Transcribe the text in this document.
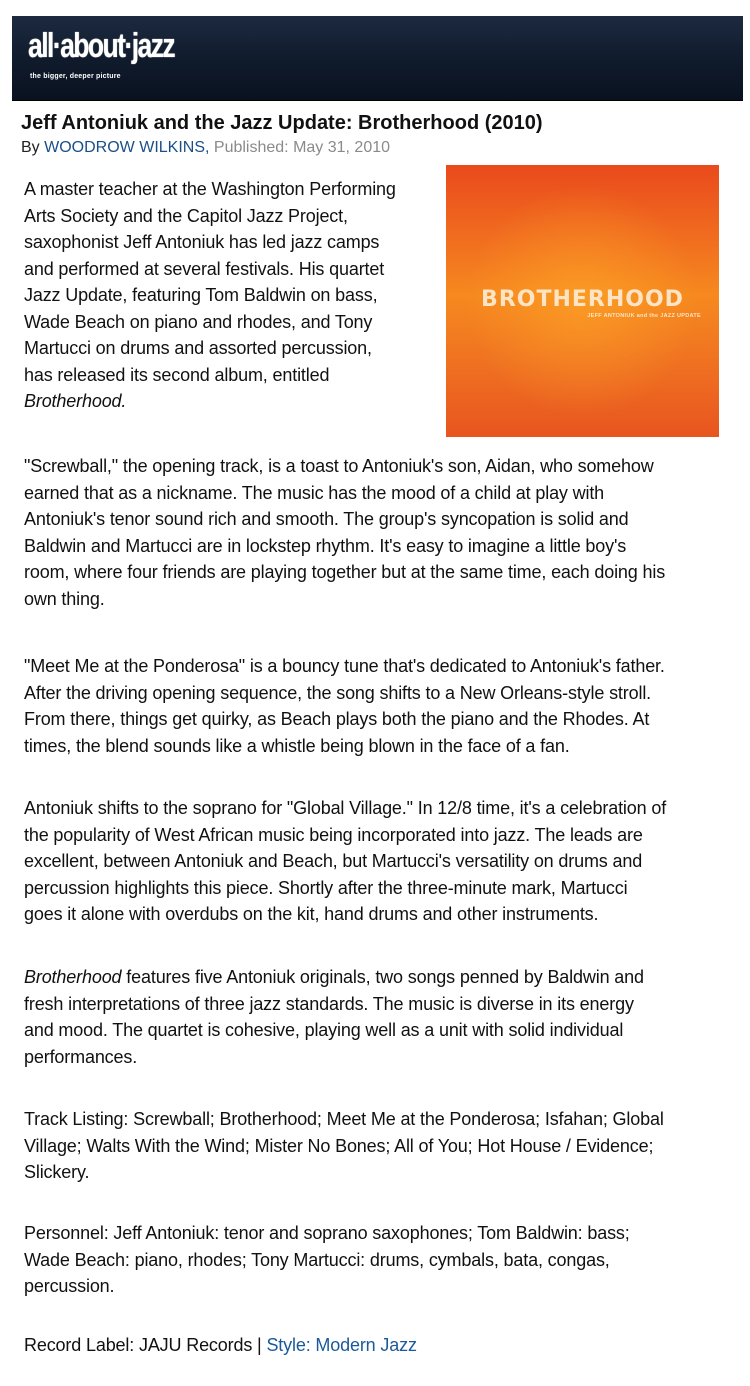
all·about·jazz
the bigger, deeper picture
Jeff Antoniuk and the Jazz Update: Brotherhood (2010)
By WOODROW WILKINS, Published: May 31, 2010
BROTHERHOOD
JEFF ANTONIUK and the JAZZ UPDATE

A master teacher at the Washington Performing
Arts Society and the Capitol Jazz Project,
saxophonist Jeff Antoniuk has led jazz camps
and performed at several festivals. His quartet
Jazz Update, featuring Tom Baldwin on bass,
Wade Beach on piano and rhodes, and Tony
Martucci on drums and assorted percussion,
has released its second album, entitled
Brotherhood.

"Screwball," the opening track, is a toast to Antoniuk's son, Aidan, who somehow
earned that as a nickname. The music has the mood of a child at play with
Antoniuk's tenor sound rich and smooth. The group's syncopation is solid and
Baldwin and Martucci are in lockstep rhythm. It's easy to imagine a little boy's
room, where four friends are playing together but at the same time, each doing his
own thing.

"Meet Me at the Ponderosa" is a bouncy tune that's dedicated to Antoniuk's father.
After the driving opening sequence, the song shifts to a New Orleans-style stroll.
From there, things get quirky, as Beach plays both the piano and the Rhodes. At
times, the blend sounds like a whistle being blown in the face of a fan.

Antoniuk shifts to the soprano for "Global Village." In 12/8 time, it's a celebration of
the popularity of West African music being incorporated into jazz. The leads are
excellent, between Antoniuk and Beach, but Martucci's versatility on drums and
percussion highlights this piece. Shortly after the three-minute mark, Martucci
goes it alone with overdubs on the kit, hand drums and other instruments.

Brotherhood features five Antoniuk originals, two songs penned by Baldwin and
fresh interpretations of three jazz standards. The music is diverse in its energy
and mood. The quartet is cohesive, playing well as a unit with solid individual
performances.

Track Listing: Screwball; Brotherhood; Meet Me at the Ponderosa; Isfahan; Global
Village; Walts With the Wind; Mister No Bones; All of You; Hot House / Evidence;
Slickery.

Personnel: Jeff Antoniuk: tenor and soprano saxophones; Tom Baldwin: bass;
Wade Beach: piano, rhodes; Tony Martucci: drums, cymbals, bata, congas,
percussion.

Record Label: JAJU Records | Style: Modern Jazz
